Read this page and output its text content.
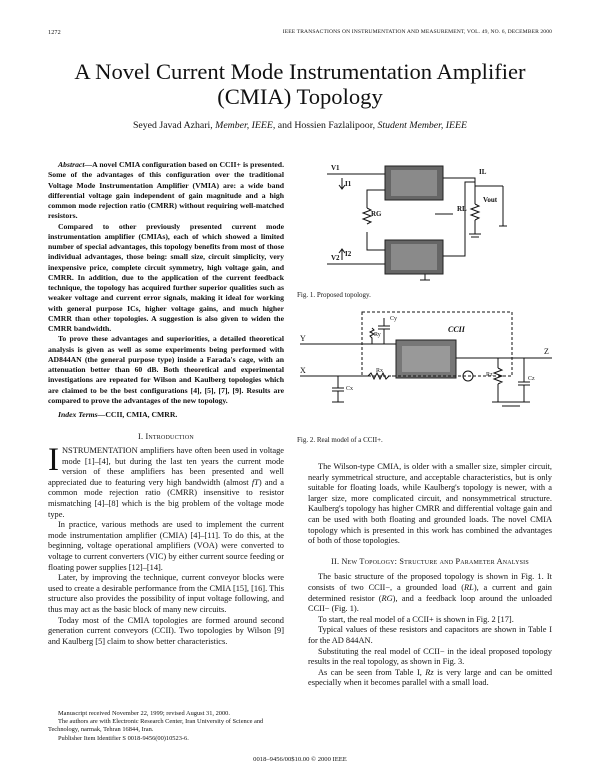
1272	IEEE TRANSACTIONS ON INSTRUMENTATION AND MEASUREMENT, VOL. 49, NO. 6, DECEMBER 2000
A Novel Current Mode Instrumentation Amplifier
(CMIA) Topology
Seyed Javad Azhari, Member, IEEE, and Hossien Fazlalipoor, Student Member, IEEE

Abstract—A novel CMIA configuration based on CCII+ is presented. Some of the advantages of this configuration over the traditional Voltage Mode Instrumentation Amplifier (VMIA) are: a wide band differential voltage gain independent of gain magnitude and a high common mode rejection ratio (CMRR) without requiring well-matched resistors.

Compared to other previously presented current mode instrumentation amplifier (CMIAs), each of which showed a limited number of special advantages, this topology benefits from most of those individual advantages, those being: small size, circuit simplicity, very inexpensive price, complete circuit symmetry, high voltage gain, and CMRR. In addition, due to the application of the current feedback technique, the topology has acquired further superior qualities such as weaker voltage and current error signals, making it ideal for working with general purpose ICs, higher voltage gains, and much higher CMRR than other topologies. A suggestion is also given to widen the CMRR bandwidth.

To prove these advantages and superiorities, a detailed theoretical analysis is given as well as some experiments being performed with AD844AN (the general purpose type) inside a Farada's cage, with an attenuation better than 60 dB. Both theoretical and experimental investigations are repeated for Wilson and Kaulberg topologies which are claimed to be the best configurations [4], [5], [7], [9]. Results are compared to prove the advantages of the new topology.

Index Terms—CCII, CMIA, CMRR.

I. Introduction

INSTRUMENTATION amplifiers have often been used in voltage mode [1]–[4], but during the last ten years the current mode version of these amplifiers has been presented and well appreciated due to featuring very high bandwidth (almost fT) and a common mode rejection ratio (CMRR) insensitive to resistor mismatching [4]–[8] which is the big problem of the voltage mode type.

In practice, various methods are used to implement the current mode instrumentation amplifier (CMIA) [4]–[11]. To do this, at the beginning, voltage operational amplifiers (VOA) were converted to voltage to current converters (VIC) by either current source feeding or floating power supplies [12]–[14].

Later, by improving the technique, current conveyor blocks were used to create a desirable performance from the CMIA [15], [16]. This structure also provides the possibility of input voltage following, and thus may act as the basic block of many new circuits.

Today most of the CMIA topologies are formed around second generation current conveyors (CCII). Two topologies by Wilson [9] and Kaulberg [5] claim to show better characteristics.

Manuscript received November 22, 1999; revised August 31, 2000.
The authors are with Electronic Research Center, Iran University of Science and Technology, narmak, Tehran 16844, Iran.
Publisher Item Identifier S 0018-9456(00)10523-6.
V1
V2
I1
I2
RL
Vout
RG
IL
Fig. 1. Proposed topology.
CCII
Y
X
Z
Cy
Ry
Rx
Rz
Cz
Cx
Fig. 2. Real model of a CCII+.

The Wilson-type CMIA, is older with a smaller size, simpler circuit, nearly symmetrical structure, and acceptable characteristics, but is only suitable for floating loads, while Kaulberg's topology is newer, with a larger size, more complicated circuit, and nonsymmetrical structure. Kaulberg's topology has higher CMRR and differential voltage gain and can be used with both floating and grounded loads. The novel CMIA topology which is presented in this work has combined the advantages of both of those topologies.

II. New Topology: Structure and Parameter Analysis

The basic structure of the proposed topology is shown in Fig. 1. It consists of two CCII−, a grounded load (RL), a current and gain determined resistor (RG), and a feedback loop around the unloaded CCII− (Fig. 1).

To start, the real model of a CCII+ is shown in Fig. 2 [17].

Typical values of these resistors and capacitors are shown in Table I for the AD 844AN.

Substituting the real model of CCII− in the ideal proposed topology results in the real topology, as shown in Fig. 3.

As can be seen from Table I, Rz is very large and can be omitted especially when it becomes parallel with a small load.

0018–9456/00$10.00 © 2000 IEEE
